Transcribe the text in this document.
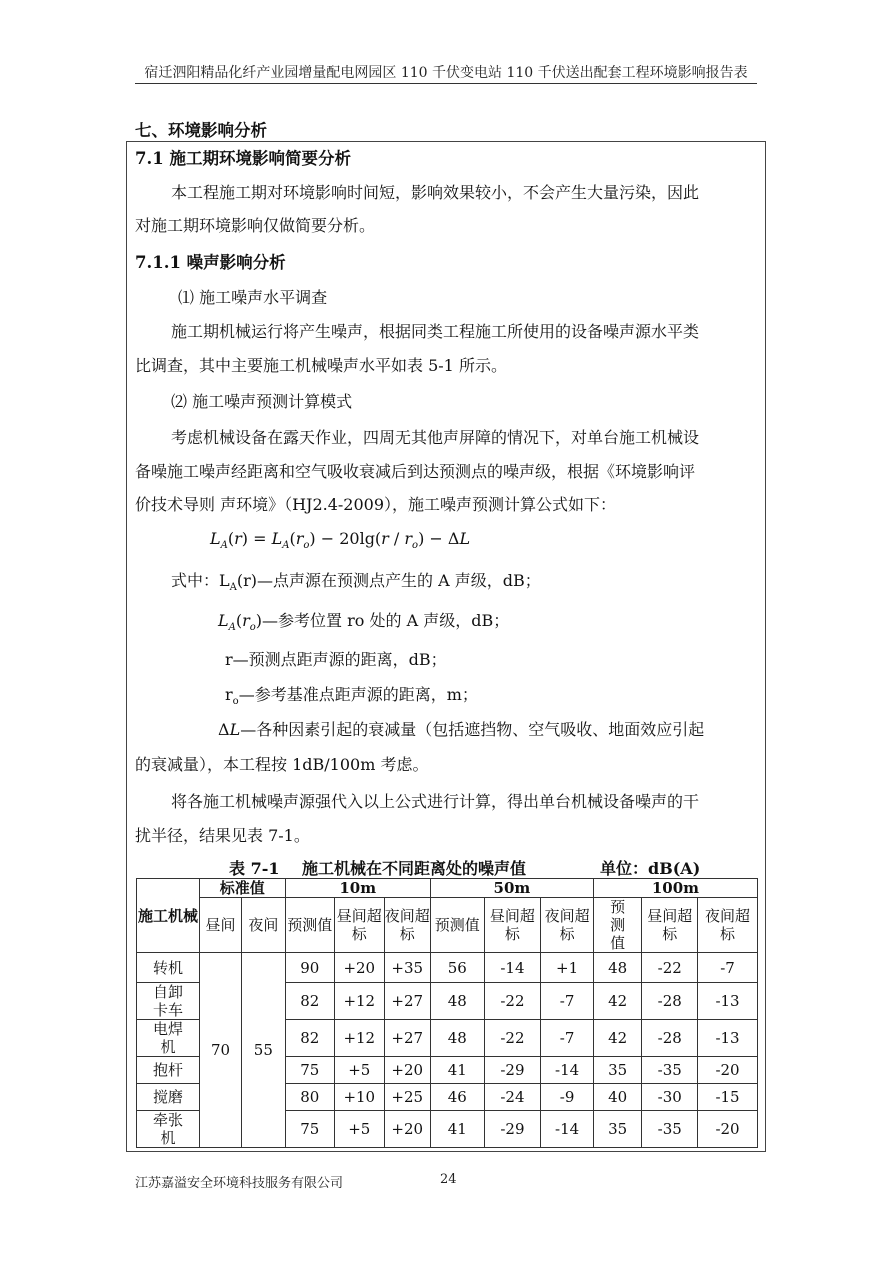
宿迁泗阳精品化纤产业园增量配电网园区 110 千伏变电站 110 千伏送出配套工程环境影响报告表
七、环境影响分析
7.1 施工期环境影响简要分析
本工程施工期对环境影响时间短，影响效果较小，不会产生大量污染，因此
对施工期环境影响仅做简要分析。
7.1.1 噪声影响分析
⑴ 施工噪声水平调查
施工期机械运行将产生噪声，根据同类工程施工所使用的设备噪声源水平类
比调查，其中主要施工机械噪声水平如表 5-1 所示。
⑵ 施工噪声预测计算模式
考虑机械设备在露天作业，四周无其他声屏障的情况下，对单台施工机械设
备噪施工噪声经距离和空气吸收衰减后到达预测点的噪声级，根据《环境影响评
价技术导则 声环境》（HJ2.4-2009），施工噪声预测计算公式如下：
$L_A(r) = L_A(r_o) - 20\lg(r / r_o) - \Delta L$
式中：$L_A(r)—$点声源在预测点产生的 A 声级，dB；
$L_A(r_o)—$参考位置 ro 处的 A 声级，dB；
r—预测点距声源的距离，dB；
$r_o—$参考基准点距声源的距离，m；
ΔL—各种因素引起的衰减量（包括遮挡物、空气吸收、地面效应引起
的衰减量），本工程按 1dB/100m 考虑。
将各施工机械噪声源强代入以上公式进行计算，得出单台机械设备噪声的干
扰半径，结果见表 7-1。
表 7-1 施工机械在不同距离处的噪声值	单位：dB(A)
施工机械	标准值		10m			50m			100m		
	昼间	夜间	预测值	昼间超标	夜间超标	预测值	昼间超标	夜间超标	预测值	昼间超标	夜间超标
转机	70	55	90	+20	+35	56	-14	+1	48	-22	-7
自卸卡车			82	+12	+27	48	-22	-7	42	-28	-13
电焊机			82	+12	+27	48	-22	-7	42	-28	-13
抱杆			75	+5	+20	41	-29	-14	35	-35	-20
搅磨			80	+10	+25	46	-24	-9	40	-30	-15
牵张机			75	+5	+20	41	-29	-14	35	-35	-20
江苏嘉溢安全环境科技服务有限公司	24
